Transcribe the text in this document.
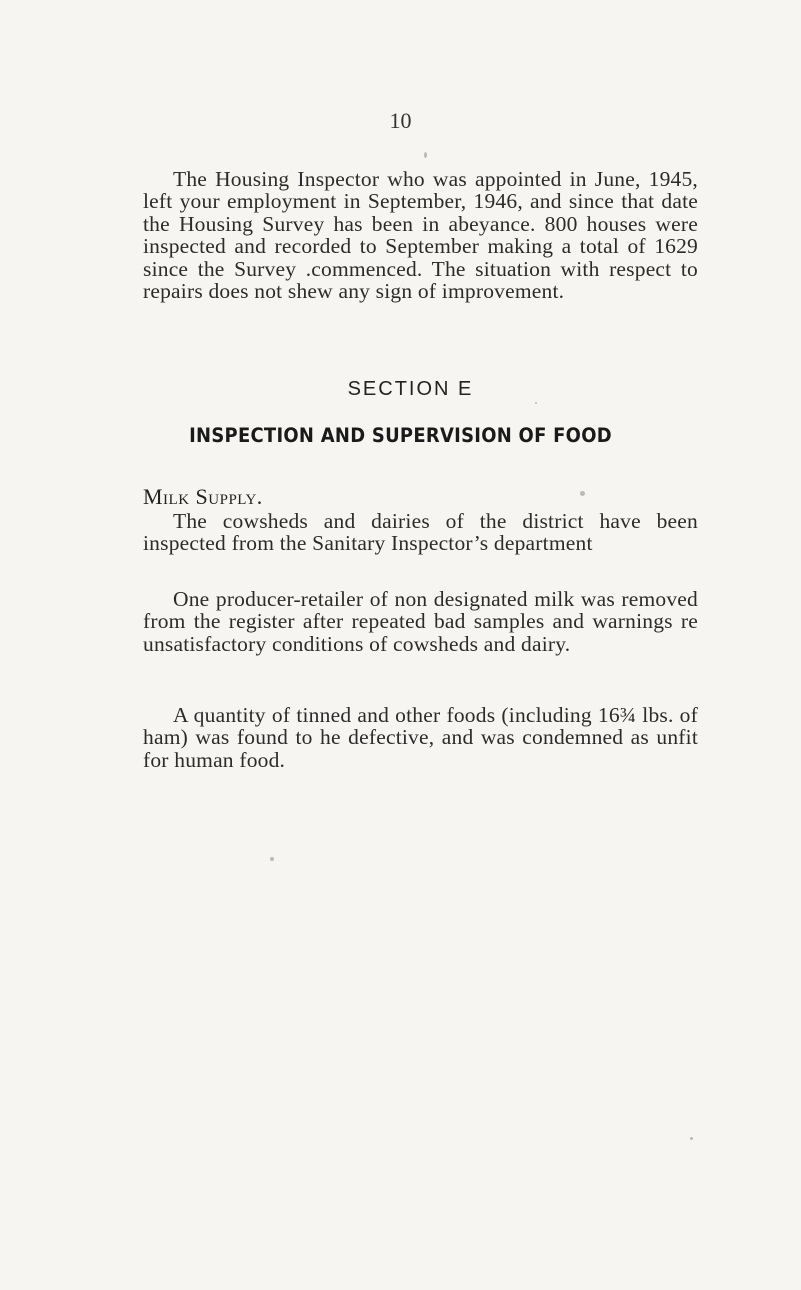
10

The Housing Inspector who was appointed in June, 1945, left your employment in September, 1946, and since that date the Housing Survey has been in abeyance. 800 houses were inspected and recorded to September making a total of 1629 since the Survey .commenced. The situation with respect to repairs does not shew any sign of improvement.

SECTION E
INSPECTION AND SUPERVISION OF FOOD
Milk Supply.

The cowsheds and dairies of the district have been inspected from the Sanitary Inspector’s department

One producer-retailer of non designated milk was removed from the register after repeated bad samples and warnings re unsatisfactory conditions of cowsheds and dairy.

A quantity of tinned and other foods (including 16¾ lbs. of ham) was found to he defective, and was condemned as unfit for human food.
